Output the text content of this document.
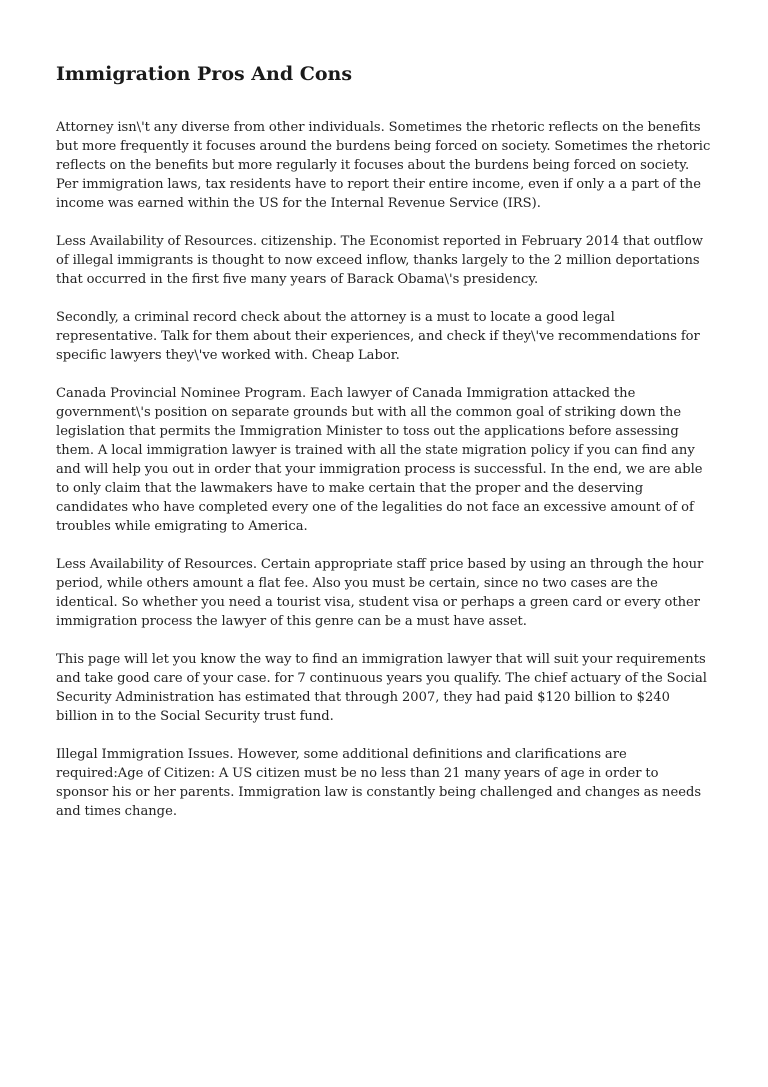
Immigration Pros And Cons

Attorney isn\'t any diverse from other individuals. Sometimes the rhetoric reflects on the benefits but more frequently it focuses around the burdens being forced on society. Sometimes the rhetoric reflects on the benefits but more regularly it focuses about the burdens being forced on society. Per immigration laws, tax residents have to report their entire income, even if only a a part of the income was earned within the US for the Internal Revenue Service (IRS).

Less Availability of Resources. citizenship. The Economist reported in February 2014 that outflow of illegal immigrants is thought to now exceed inflow, thanks largely to the 2 million deportations that occurred in the first five many years of Barack Obama\'s presidency.

Secondly, a criminal record check about the attorney is a must to locate a good legal representative. Talk for them about their experiences, and check if they\'ve recommendations for specific lawyers they\'ve worked with. Cheap Labor.

Canada Provincial Nominee Program. Each lawyer of Canada Immigration attacked the government\'s position on separate grounds but with all the common goal of striking down the legislation that permits the Immigration Minister to toss out the applications before assessing them. A local immigration lawyer is trained with all the state migration policy if you can find any and will help you out in order that your immigration process is successful. In the end, we are able to only claim that the lawmakers have to make certain that the proper and the deserving candidates who have completed every one of the legalities do not face an excessive amount of of troubles while emigrating to America.

Less Availability of Resources. Certain appropriate staff price based by using an through the hour period, while others amount a flat fee. Also you must be certain, since no two cases are the identical. So whether you need a tourist visa, student visa or perhaps a green card or every other immigration process the lawyer of this genre can be a must have asset.

This page will let you know the way to find an immigration lawyer that will suit your requirements and take good care of your case. for 7 continuous years you qualify. The chief actuary of the Social Security Administration has estimated that through 2007, they had paid $120 billion to $240 billion in to the Social Security trust fund.

Illegal Immigration Issues. However, some additional definitions and clarifications are required:Age of Citizen: A US citizen must be no less than 21 many years of age in order to sponsor his or her parents. Immigration law is constantly being challenged and changes as needs and times change.
